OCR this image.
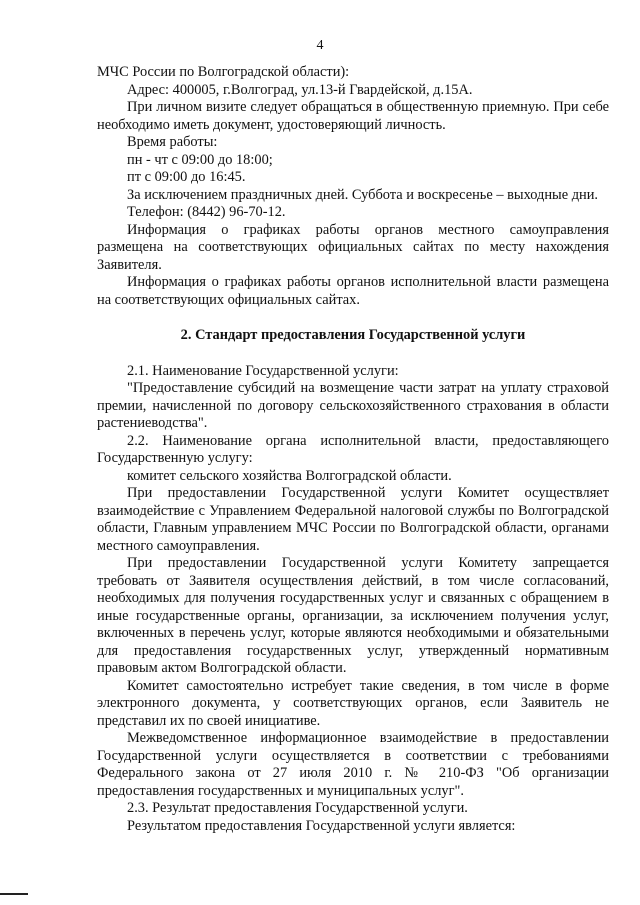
4

МЧС России по Волгоградской области):

Адрес: 400005, г.Волгоград, ул.13-й Гвардейской, д.15А.

При личном визите следует обращаться в общественную приемную. При себе необходимо иметь документ, удостоверяющий личность.

Время работы:

пн - чт с 09:00 до 18:00;

пт с 09:00 до 16:45.

За исключением праздничных дней. Суббота и воскресенье – выходные дни.

Телефон: (8442) 96-70-12.

Информация о графиках работы органов местного самоуправления размещена на соответствующих официальных сайтах по месту нахождения Заявителя.

Информация о графиках работы органов исполнительной власти размещена на соответствующих официальных сайтах.

2. Стандарт предоставления Государственной услуги

2.1. Наименование Государственной услуги:

"Предоставление субсидий на возмещение части затрат на уплату страховой премии, начисленной по договору сельскохозяйственного страхования в области растениеводства".

2.2. Наименование органа исполнительной власти, предоставляющего Государственную услугу:

комитет сельского хозяйства Волгоградской области.

При предоставлении Государственной услуги Комитет осуществляет взаимодействие с Управлением Федеральной налоговой службы по Волгоградской области, Главным управлением МЧС России по Волгоградской области, органами местного самоуправления.

При предоставлении Государственной услуги Комитету запрещается требовать от Заявителя осуществления действий, в том числе согласований, необходимых для получения государственных услуг и связанных с обращением в иные государственные органы, организации, за исключением получения услуг, включенных в перечень услуг, которые являются необходимыми и обязательными для предоставления государственных услуг, утвержденный нормативным правовым актом Волгоградской области.

Комитет самостоятельно истребует такие сведения, в том числе в форме электронного документа, у соответствующих органов, если Заявитель не представил их по своей инициативе.

Межведомственное информационное взаимодействие в предоставлении Государственной услуги осуществляется в соответствии с требованиями Федерального закона от 27 июля 2010 г. № 210-ФЗ "Об организации предоставления государственных и муниципальных услуг".

2.3. Результат предоставления Государственной услуги.

Результатом предоставления Государственной услуги является:
